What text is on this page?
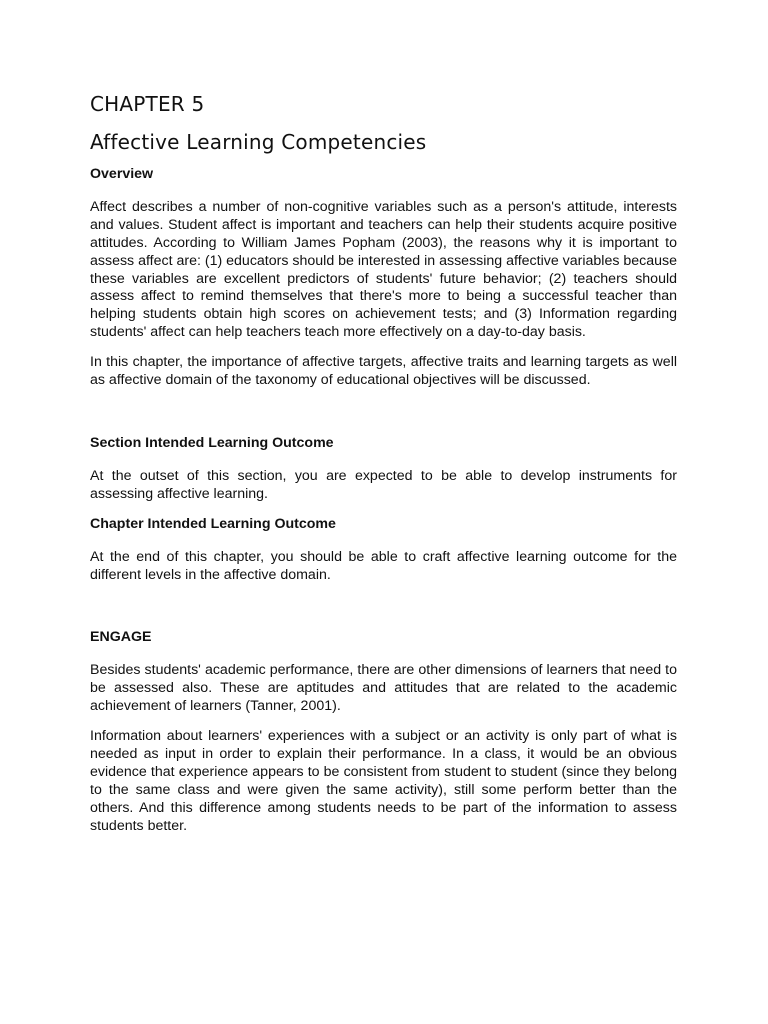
CHAPTER 5
Affective Learning Competencies
Overview

Affect describes a number of non-cognitive variables such as a person's attitude, interests and values. Student affect is important and teachers can help their students acquire positive attitudes. According to William James Popham (2003), the reasons why it is important to assess affect are: (1) educators should be interested in assessing affective variables because these variables are excellent predictors of students' future behavior; (2) teachers should assess affect to remind themselves that there's more to being a successful teacher than helping students obtain high scores on achievement tests; and (3) Information regarding students' affect can help teachers teach more effectively on a day-to-day basis.

In this chapter, the importance of affective targets, affective traits and learning targets as well as affective domain of the taxonomy of educational objectives will be discussed.

Section Intended Learning Outcome

At the outset of this section, you are expected to be able to develop instruments for assessing affective learning.

Chapter Intended Learning Outcome

At the end of this chapter, you should be able to craft affective learning outcome for the different levels in the affective domain.

ENGAGE

Besides students' academic performance, there are other dimensions of learners that need to be assessed also. These are aptitudes and attitudes that are related to the academic achievement of learners (Tanner, 2001).

Information about learners' experiences with a subject or an activity is only part of what is needed as input in order to explain their performance. In a class, it would be an obvious evidence that experience appears to be consistent from student to student (since they belong to the same class and were given the same activity), still some perform better than the others. And this difference among students needs to be part of the information to assess students better.
